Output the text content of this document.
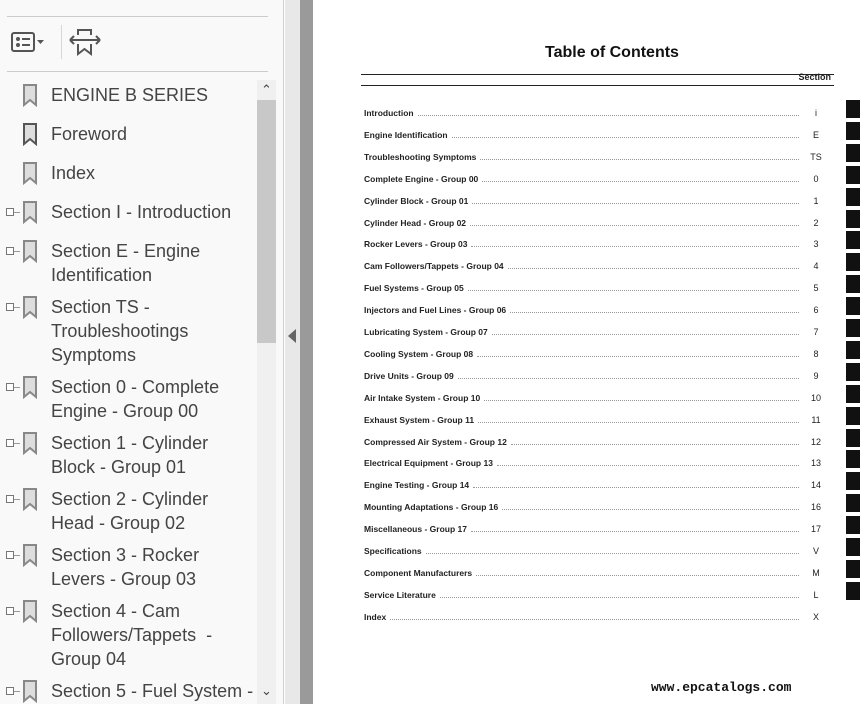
ENGINE B SERIES
Foreword
Index
Section I - Introduction
Section E - Engine Identification
Section TS - Troubleshootings Symptoms
Section 0 - Complete Engine - Group 00
Section 1 - Cylinder Block - Group 01
Section 2 - Cylinder Head - Group 02
Section 3 - Rocker Levers - Group 03
Section 4 - Cam Followers/Tappets  - Group 04
Section 5 - Fuel System -
⌃
⌄
Table of Contents
Section
Introduction	i
Engine Identification	E
Troubleshooting Symptoms	TS
Complete Engine - Group 00	0
Cylinder Block - Group 01	1
Cylinder Head - Group 02	2
Rocker Levers - Group 03	3
Cam Followers/Tappets - Group 04	4
Fuel Systems - Group 05	5
Injectors and Fuel Lines - Group 06	6
Lubricating System - Group 07	7
Cooling System - Group 08	8
Drive Units - Group 09	9
Air Intake System - Group 10	10
Exhaust System - Group 11	11
Compressed Air System - Group 12	12
Electrical Equipment - Group 13	13
Engine Testing - Group 14	14
Mounting Adaptations - Group 16	16
Miscellaneous - Group 17	17
Specifications	V
Component Manufacturers	M
Service Literature	L
Index	X
www.epcatalogs.com
